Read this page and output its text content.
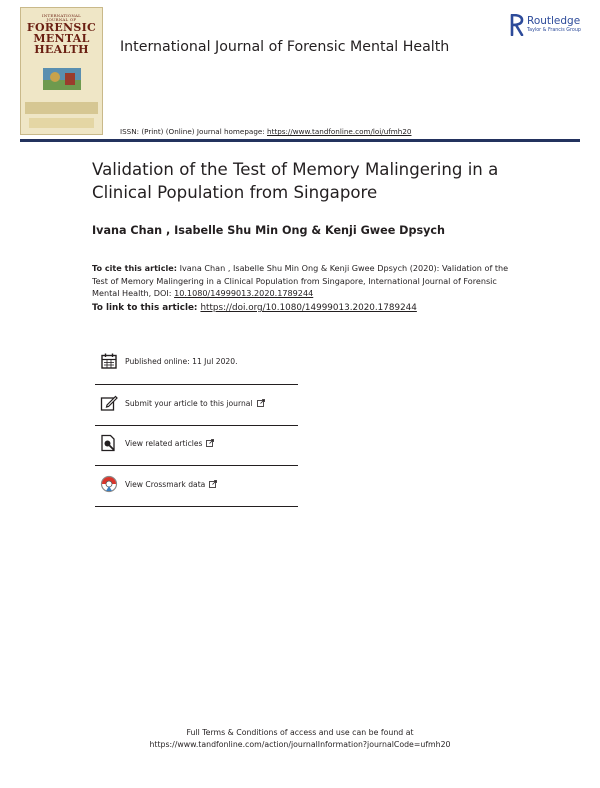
INTERNATIONAL
JOURNAL OF
FORENSIC
MENTAL
HEALTH	International Journal of Forensic Mental Health
ISSN: (Print) (Online) Journal homepage: https://www.tandfonline.com/loi/ufmh20
Routledge
Taylor & Francis Group
Validation of the Test of Memory Malingering in a Clinical Population from Singapore
Ivana Chan , Isabelle Shu Min Ong & Kenji Gwee Dpsych
To cite this article: Ivana Chan , Isabelle Shu Min Ong & Kenji Gwee Dpsych (2020): Validation of the Test of Memory Malingering in a Clinical Population from Singapore, International Journal of Forensic Mental Health, DOI: 10.1080/14999013.2020.1789244
To link to this article: https://doi.org/10.1080/14999013.2020.1789244
Published online: 11 Jul 2020.
Submit your article to this journal
View related articles
View Crossmark data
Full Terms & Conditions of access and use can be found at
https://www.tandfonline.com/action/journalInformation?journalCode=ufmh20
